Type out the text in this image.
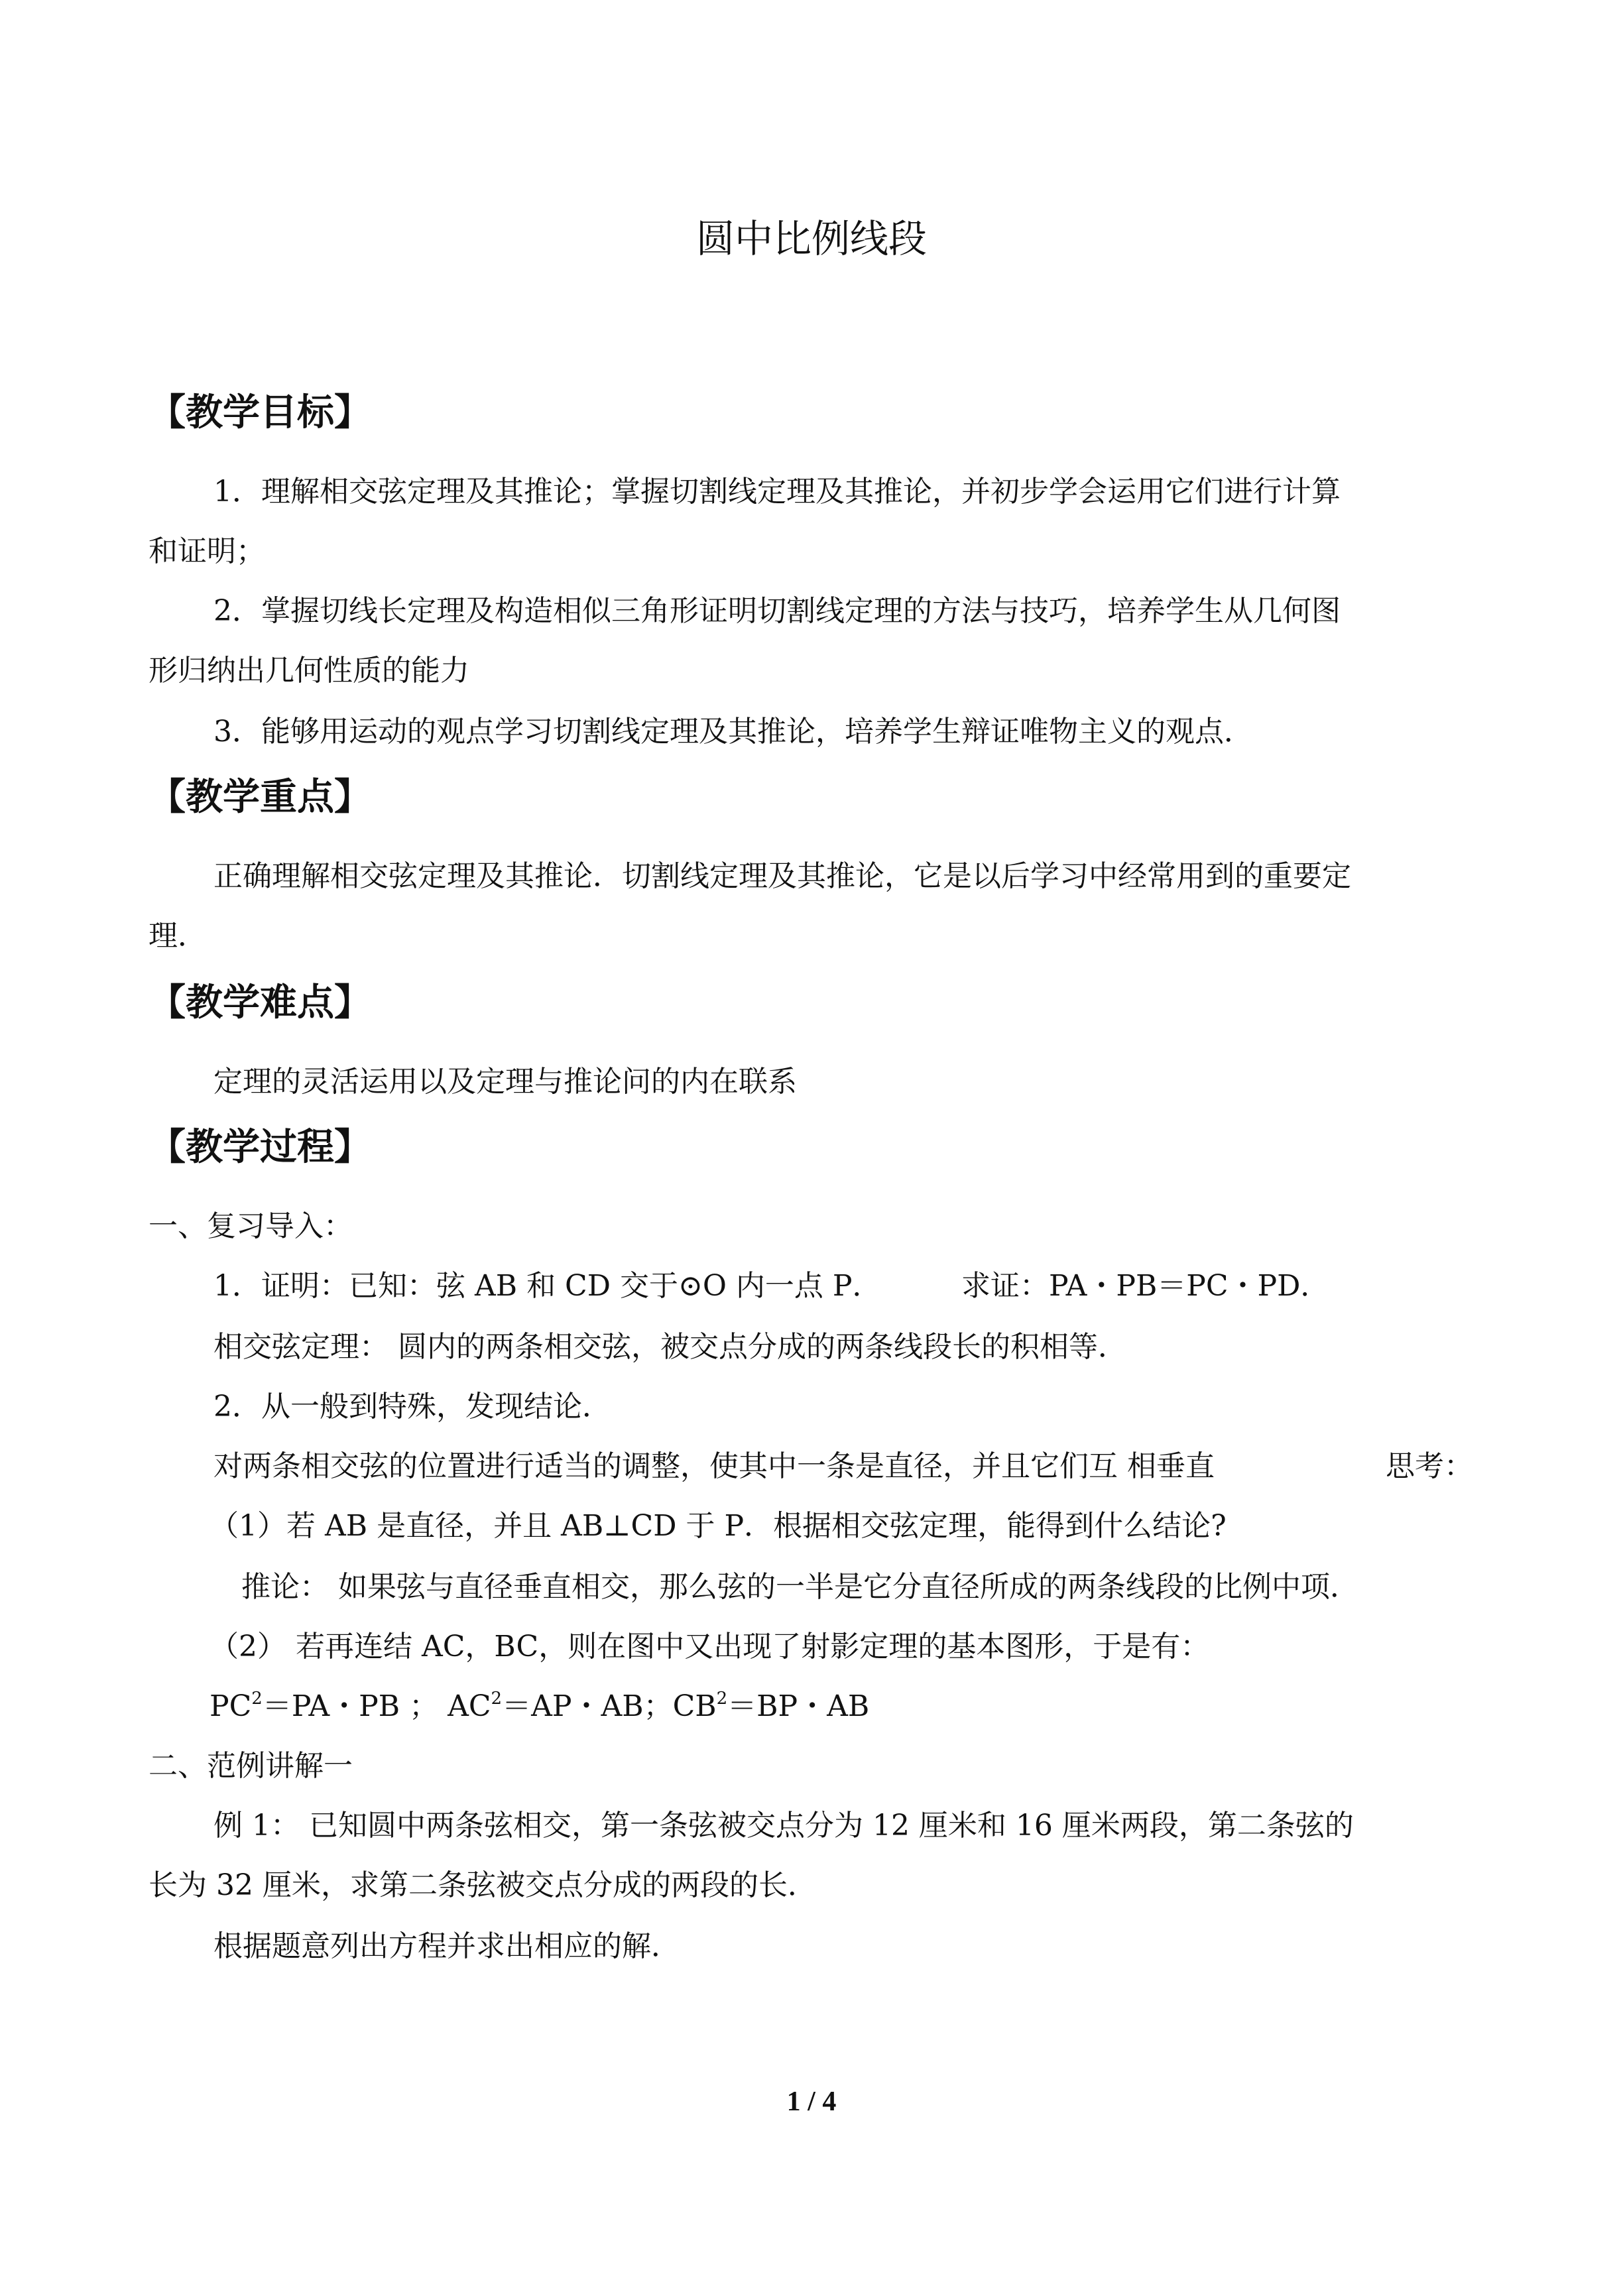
圆中比例线段
【教学目标】

1．理解相交弦定理及其推论；掌握切割线定理及其推论，并初步学会运用它们进行计算

和证明；

2．掌握切线长定理及构造相似三角形证明切割线定理的方法与技巧，培养学生从几何图

形归纳出几何性质的能力

3．能够用运动的观点学习切割线定理及其推论，培养学生辩证唯物主义的观点．

【教学重点】

正确理解相交弦定理及其推论．切割线定理及其推论，它是以后学习中经常用到的重要定

理．

【教学难点】

定理的灵活运用以及定理与推论问的内在联系

【教学过程】

一、复习导入：

1．证明：已知：弦 AB 和 CD 交于⊙O 内一点 P．	求证：PA・PB＝PC・PD．

相交弦定理： 圆内的两条相交弦，被交点分成的两条线段长的积相等．

2．从一般到特殊，发现结论．

对两条相交弦的位置进行适当的调整，使其中一条是直径，并且它们互 相垂直	思考：

（1）若 AB 是直径，并且 AB⊥CD 于 P．根据相交弦定理，能得到什么结论?

推论： 如果弦与直径垂直相交，那么弦的一半是它分直径所成的两条线段的比例中项．

（2） 若再连结 AC，BC，则在图中又出现了射影定理的基本图形，于是有：

$PC^2=PA$・PB ； $AC^2=AP$・AB；$CB^2=BP$・AB

二、范例讲解一

例 1： 已知圆中两条弦相交，第一条弦被交点分为 12 厘米和 16 厘米两段，第二条弦的

长为 32 厘米，求第二条弦被交点分成的两段的长．

根据题意列出方程并求出相应的解．

1 / 4
